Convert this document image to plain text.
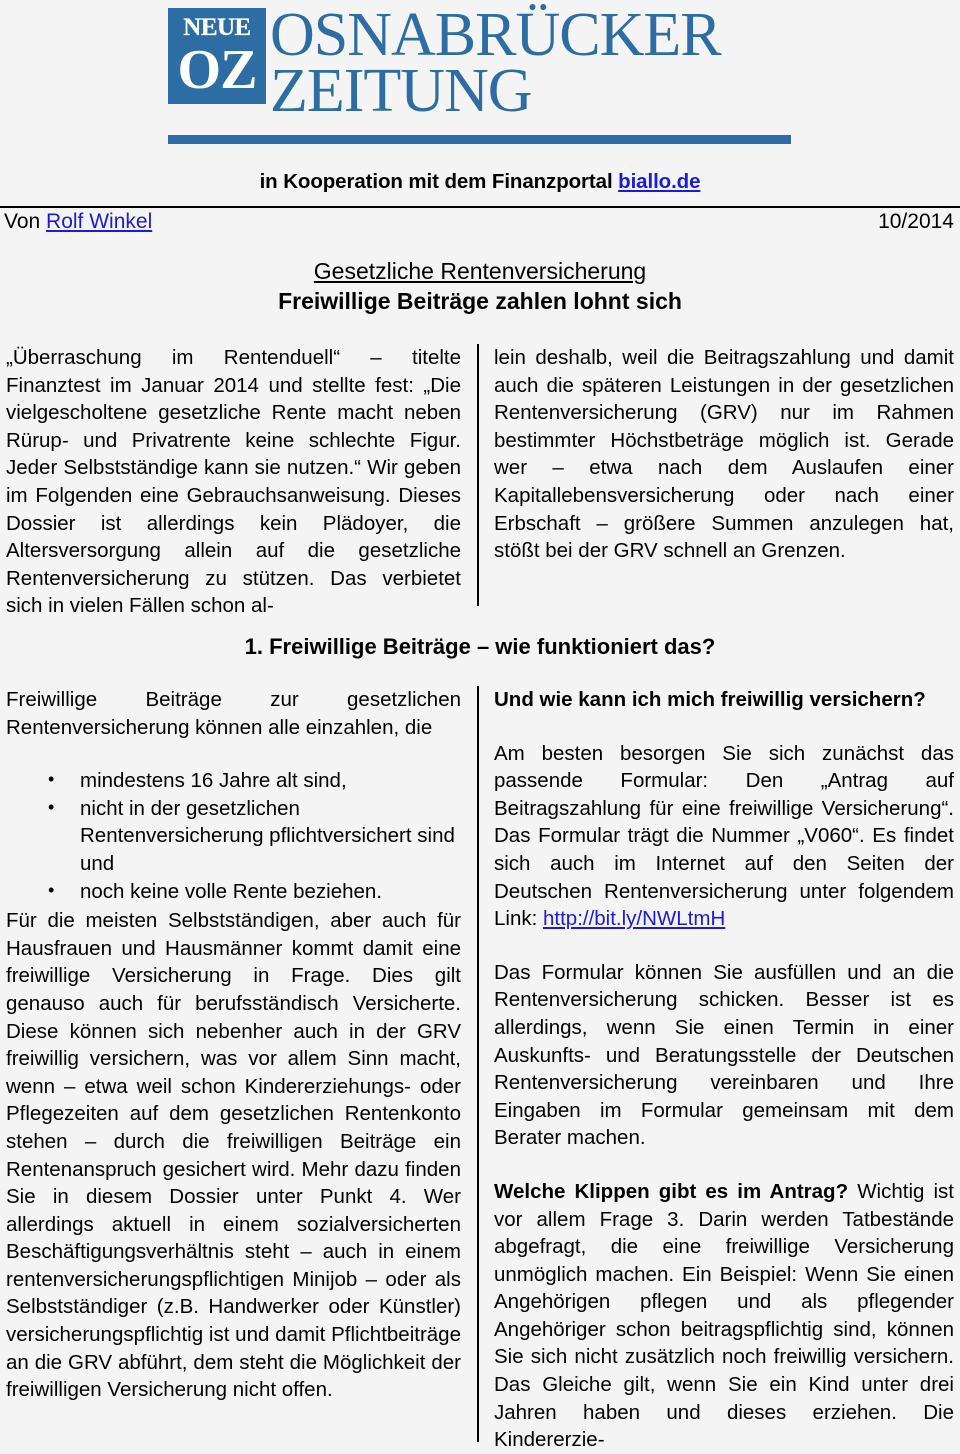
NEUE
OZ
OSNABRÜCKER
ZEITUNG
in Kooperation mit dem Finanzportal biallo.de
Von Rolf Winkel	10/2014
Gesetzliche Rentenversicherung
Freiwillige Beiträge zahlen lohnt sich

„Überraschung im Rentenduell“ – titelte Finanztest im Januar 2014 und stellte fest: „Die vielgescholtene gesetzliche Rente macht neben Rürup- und Privatrente keine schlechte Figur. Jeder Selbstständige kann sie nutzen.“ Wir geben im Folgenden eine Gebrauchsanweisung. Dieses Dossier ist allerdings kein Plädoyer, die Altersversorgung allein auf die gesetzliche Rentenversicherung zu stützen. Das verbietet sich in vielen Fällen schon al-

lein deshalb, weil die Beitragszahlung und damit auch die späteren Leistungen in der gesetzlichen Rentenversicherung (GRV) nur im Rahmen bestimmter Höchstbeträge möglich ist. Gerade wer – etwa nach dem Auslaufen einer Kapitallebensversicherung oder nach einer Erbschaft – größere Summen anzulegen hat, stößt bei der GRV schnell an Grenzen.

1. Freiwillige Beiträge – wie funktioniert das?

Freiwillige Beiträge zur gesetzlichen Rentenversicherung können alle einzahlen, die

• mindestens 16 Jahre alt sind,
• nicht in der gesetzlichen Rentenversicherung pflichtversichert sind und
• noch keine volle Rente beziehen.

Für die meisten Selbstständigen, aber auch für Hausfrauen und Hausmänner kommt damit eine freiwillige Versicherung in Frage. Dies gilt genauso auch für berufsständisch Versicherte. Diese können sich nebenher auch in der GRV freiwillig versichern, was vor allem Sinn macht, wenn – etwa weil schon Kindererziehungs- oder Pflegezeiten auf dem gesetzlichen Rentenkonto stehen – durch die freiwilligen Beiträge ein Rentenanspruch gesichert wird. Mehr dazu finden Sie in diesem Dossier unter Punkt 4. Wer allerdings aktuell in einem sozialversicherten Beschäftigungsverhältnis steht – auch in einem rentenversicherungspflichtigen Minijob – oder als Selbstständiger (z.B. Handwerker oder Künstler) versicherungspflichtig ist und damit Pflichtbeiträge an die GRV abführt, dem steht die Möglichkeit der freiwilligen Versicherung nicht offen.

Und wie kann ich mich freiwillig versichern?

Am besten besorgen Sie sich zunächst das passende Formular: Den „Antrag auf Beitragszahlung für eine freiwillige Versicherung“. Das Formular trägt die Nummer „V060“. Es findet sich auch im Internet auf den Seiten der Deutschen Rentenversicherung unter folgendem Link: http://bit.ly/NWLtmH

Das Formular können Sie ausfüllen und an die Rentenversicherung schicken. Besser ist es allerdings, wenn Sie einen Termin in einer Auskunfts- und Beratungsstelle der Deutschen Rentenversicherung vereinbaren und Ihre Eingaben im Formular gemeinsam mit dem Berater machen.

Welche Klippen gibt es im Antrag? Wichtig ist vor allem Frage 3. Darin werden Tatbestände abgefragt, die eine freiwillige Versicherung unmöglich machen. Ein Beispiel: Wenn Sie einen Angehörigen pflegen und als pflegender Angehöriger schon beitragspflichtig sind, können Sie sich nicht zusätzlich noch freiwillig versichern. Das Gleiche gilt, wenn Sie ein Kind unter drei Jahren haben und dieses erziehen. Die Kindererzie-
